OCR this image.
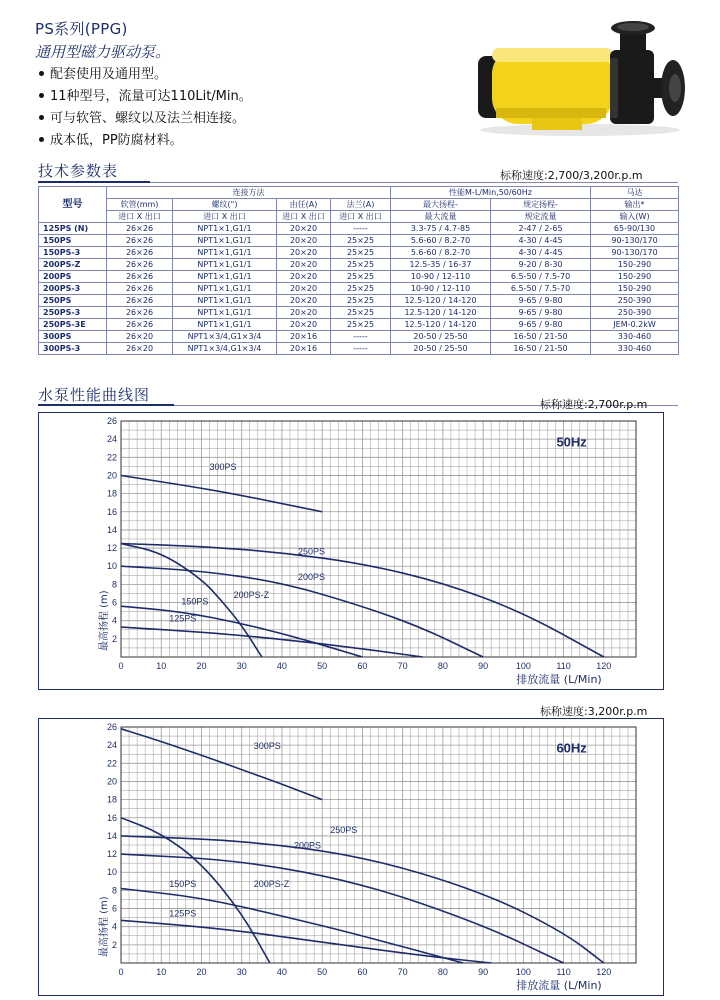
PS系列(PPG)
通用型磁力驱动泵。
配套使用及通用型。
11种型号，流量可达110Lit/Min。
可与软管、螺纹以及法兰相连接。
成本低，PP防腐材料。
技术参数表	标称速度:2,700/3,200r.p.m
型号	连接方法				性能M-L/Min,50/60Hz		马达
	软管(mm)	螺纹(")	由任(A)	法兰(A)	最大扬程-	规定扬程-	输出*
	进口 X 出口	进口 X 出口	进口 X 出口	进口 X 出口	最大流量	规定流量	输入(W)
125PS (N)	26×26	NPT1×1,G1/1	20×20	-----	3.3-75 / 4.7-85	2-47 / 2-65	65-90/130
150PS	26×26	NPT1×1,G1/1	20×20	25×25	5.6-60 / 8.2-70	4-30 / 4-45	90-130/170
150PS-3	26×26	NPT1×1,G1/1	20×20	25×25	5.6-60 / 8.2-70	4-30 / 4-45	90-130/170
200PS-Z	26×26	NPT1×1,G1/1	20×20	25×25	12.5-35 / 16-37	9-20 / 8-30	150-290
200PS	26×26	NPT1×1,G1/1	20×20	25×25	10-90 / 12-110	6.5-50 / 7.5-70	150-290
200PS-3	26×26	NPT1×1,G1/1	20×20	25×25	10-90 / 12-110	6.5-50 / 7.5-70	150-290
250PS	26×26	NPT1×1,G1/1	20×20	25×25	12.5-120 / 14-120	9-65 / 9-80	250-390
250PS-3	26×26	NPT1×1,G1/1	20×20	25×25	12.5-120 / 14-120	9-65 / 9-80	250-390
250PS-3E	26×26	NPT1×1,G1/1	20×20	25×25	12.5-120 / 14-120	9-65 / 9-80	JEM-0.2kW
300PS	26×20	NPT1×3/4,G1×3/4	20×16	-----	20-50 / 25-50	16-50 / 21-50	330-460
300PS-3	26×20	NPT1×3/4,G1×3/4	20×16	-----	20-50 / 25-50	16-50 / 21-50	330-460
水泵性能曲线图
标称速度:2,700r.p.m
0	10	20	30	40	50	60	70	80	90	100	110	120
2
4
6
8
10
12
14
16
18
20
22
24
26
排放流量 (L/Min)
最高扬程 (m)
50Hz
300PS
250PS
200PS
200PS-Z
150PS
125PS
标称速度:3,200r.p.m
0	10	20	30	40	50	60	70	80	90	100	110	120
2
4
6
8
10
12
14
16
18
20
22
24
26
排放流量 (L/Min)
最高扬程 (m)
60Hz
300PS
250PS
200PS
200PS-Z
150PS
125PS
